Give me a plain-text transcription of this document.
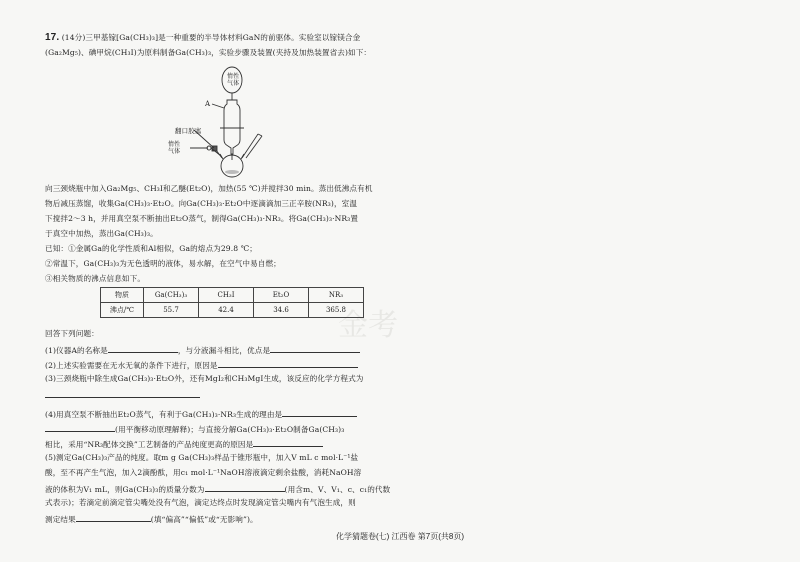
金考
17. (14分)三甲基镓[Ga(CH₃)₃]是一种重要的半导体材料GaN的前驱体。实验室以镓镁合金
(Ga₂Mg₅)、碘甲烷(CH₃I)为原料制备Ga(CH₃)₃，实验步骤及装置(夹持及加热装置省去)如下：
惰性气体
A
翻口胶塞
惰性气体
向三颈烧瓶中加入Ga₂Mg₅、CH₃I和乙醚(Et₂O)，加热(55 ℃)并搅拌30 min。蒸出低沸点有机
物后减压蒸馏，收集Ga(CH₃)₃·Et₂O。向Ga(CH₃)₃·Et₂O中逐滴滴加三正辛胺(NR₃)，室温
下搅拌2～3 h，并用真空泵不断抽出Et₂O蒸气，制得Ga(CH₃)₃·NR₃。将Ga(CH₃)₃·NR₃置
于真空中加热，蒸出Ga(CH₃)₃。
已知：①金属Ga的化学性质和Al相似，Ga的熔点为29.8 ℃；
②常温下，Ga(CH₃)₃为无色透明的液体，易水解，在空气中易自燃；
③相关物质的沸点信息如下。
物质	Ga(CH₃)₃	CH₃I	Et₂O	NR₃
沸点/℃	55.7	42.4	34.6	365.8
回答下列问题：
(1)仪器A的名称是	，与分液漏斗相比，优点是
(2)上述实验需要在无水无氧的条件下进行，原因是
(3)三颈烧瓶中除生成Ga(CH₃)₃·Et₂O外，还有MgI₂和CH₃MgI生成，该反应的化学方程式为
(4)用真空泵不断抽出Et₂O蒸气，有利于Ga(CH₃)₃·NR₃生成的理由是
(用平衡移动原理解释)；与直接分解Ga(CH₃)₃·Et₂O制备Ga(CH₃)₃
相比，采用“NR₃配体交换”工艺制备的产品纯度更高的原因是
(5)测定Ga(CH₃)₃产品的纯度。取m g Ga(CH₃)₃样品于锥形瓶中，加入V mL c mol·L⁻¹盐
酸，至不再产生气泡，加入2滴酚酞，用c₁ mol·L⁻¹NaOH溶液滴定剩余盐酸，消耗NaOH溶
液的体积为V₁ mL，则Ga(CH₃)₃的质量分数为	(用含m、V、V₁、c、c₁的代数
式表示)；若滴定前滴定管尖嘴处没有气泡，滴定达终点时发现滴定管尖嘴内有气泡生成，则
测定结果	(填“偏高”“偏低”或“无影响”)。
化学猜题卷(七) 江西卷 第7页(共8页)
